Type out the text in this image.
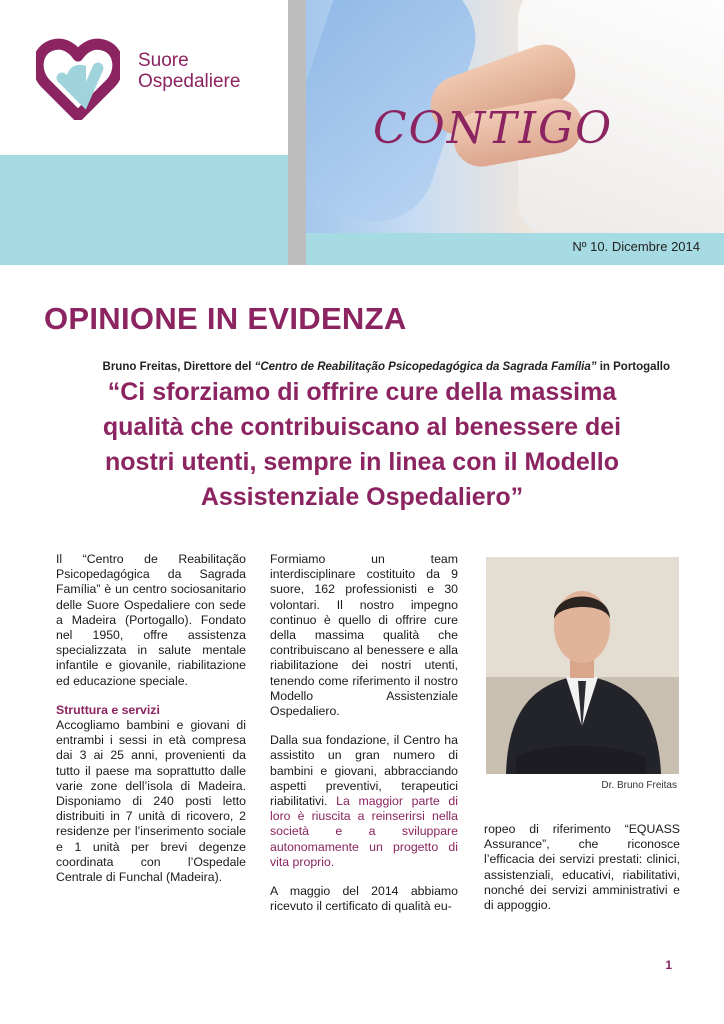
Suore
Ospedaliere
CONTIGO
Nº 10. Dicembre 2014
OPINIONE IN EVIDENZA
Bruno Freitas, Direttore del “Centro de Reabilitação Psicopedagógica da Sagrada Família” in Portogallo
“Ci sforziamo di offrire cure della massima
qualità che contribuiscano al benessere dei
nostri utenti, sempre in linea con il Modello
Assistenziale Ospedaliero”

Il “Centro de Reabilitação Psicopedagógica da Sagrada Família” è un centro sociosanitario delle Suore Ospedaliere con sede a Madeira (Portogallo). Fondato nel 1950, offre assistenza specializzata in salute mentale infantile e giovanile, riabilitazione ed educazione speciale.

Struttura e servizi

Accogliamo bambini e giovani di entrambi i sessi in età compresa dai 3 ai 25 anni, provenienti da tutto il paese ma soprattutto dalle varie zone dell’isola di Madeira. Disponiamo di 240 posti letto distribuiti in 7 unità di ricovero, 2 residenze per l’inserimento sociale e 1 unità per brevi degenze coordinata con l’Ospedale Centrale di Funchal (Madeira).

Formiamo un team interdisciplinare costituito da 9 suore, 162 professionisti e 30 volontari. Il nostro impegno continuo è quello di offrire cure della massima qualità che contribuiscano al benessere e alla riabilitazione dei nostri utenti, tenendo come riferimento il nostro Modello Assistenziale Ospedaliero.

Dalla sua fondazione, il Centro ha assistito un gran numero di bambini e giovani, abbracciando aspetti preventivi, terapeutici riabilitativi. La maggior parte di loro è riuscita a reinserirsi nella società e a sviluppare autonomamente un progetto di vita proprio.

A maggio del 2014 abbiamo ricevuto il certificato di qualità eu-

Dr. Bruno Freitas

ropeo di riferimento “EQUASS Assurance”, che riconosce l’efficacia dei servizi prestati: clinici, assistenziali, educativi, riabilitativi, nonché dei servizi amministrativi e di appoggio.

1
